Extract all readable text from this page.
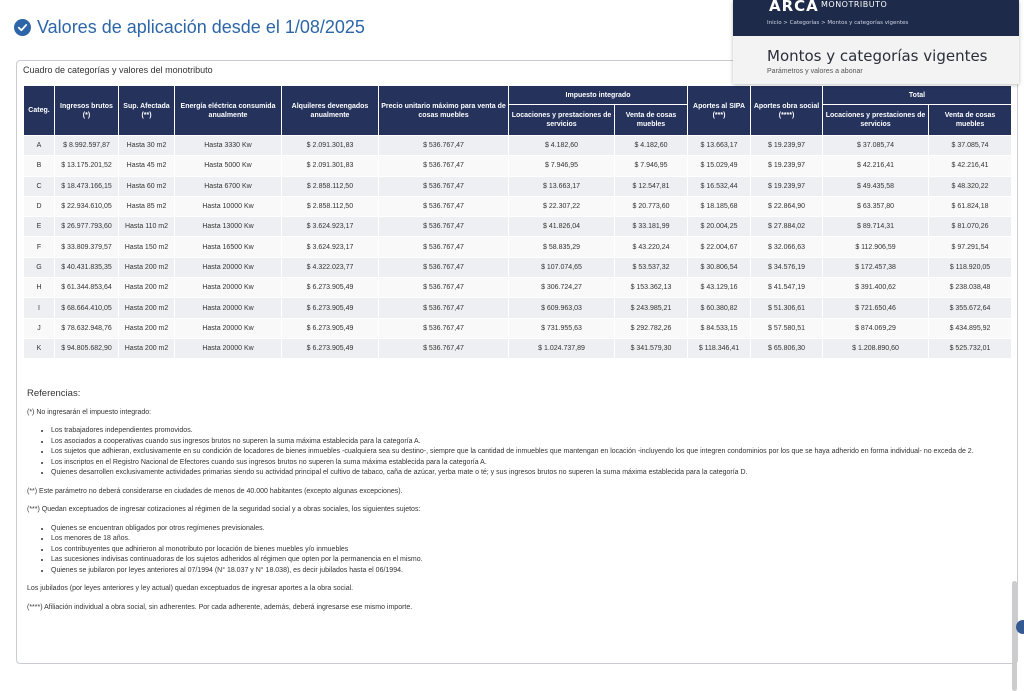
Valores de aplicación desde el 1/08/2025
Cuadro de categorías y valores del monotributo
Categ.	Ingresos brutos (*)	Sup. Afectada (**)	Energía eléctrica consumida anualmente	Alquileres devengados anualmente	Precio unitario máximo para venta de cosas muebles	Impuesto integrado		Aportes al SIPA (***)	Aportes obra social (****)	Total	
						Locaciones y prestaciones de servicios	Venta de cosas muebles			Locaciones y prestaciones de servicios	Venta de cosas muebles
A	$ 8.992.597,87	Hasta 30 m2	Hasta 3330 Kw	$ 2.091.301,83	$ 536.767,47	$ 4.182,60	$ 4.182,60	$ 13.663,17	$ 19.239,97	$ 37.085,74	$ 37.085,74
B	$ 13.175.201,52	Hasta 45 m2	Hasta 5000 Kw	$ 2.091.301,83	$ 536.767,47	$ 7.946,95	$ 7.946,95	$ 15.029,49	$ 19.239,97	$ 42.216,41	$ 42.216,41
C	$ 18.473.166,15	Hasta 60 m2	Hasta 6700 Kw	$ 2.858.112,50	$ 536.767,47	$ 13.663,17	$ 12.547,81	$ 16.532,44	$ 19.239,97	$ 49.435,58	$ 48.320,22
D	$ 22.934.610,05	Hasta 85 m2	Hasta 10000 Kw	$ 2.858.112,50	$ 536.767,47	$ 22.307,22	$ 20.773,60	$ 18.185,68	$ 22.864,90	$ 63.357,80	$ 61.824,18
E	$ 26.977.793,60	Hasta 110 m2	Hasta 13000 Kw	$ 3.624.923,17	$ 536.767,47	$ 41.826,04	$ 33.181,99	$ 20.004,25	$ 27.884,02	$ 89.714,31	$ 81.070,26
F	$ 33.809.379,57	Hasta 150 m2	Hasta 16500 Kw	$ 3.624.923,17	$ 536.767,47	$ 58.835,29	$ 43.220,24	$ 22.004,67	$ 32.066,63	$ 112.906,59	$ 97.291,54
G	$ 40.431.835,35	Hasta 200 m2	Hasta 20000 Kw	$ 4.322.023,77	$ 536.767,47	$ 107.074,65	$ 53.537,32	$ 30.806,54	$ 34.576,19	$ 172.457,38	$ 118.920,05
H	$ 61.344.853,64	Hasta 200 m2	Hasta 20000 Kw	$ 6.273.905,49	$ 536.767,47	$ 306.724,27	$ 153.362,13	$ 43.129,16	$ 41.547,19	$ 391.400,62	$ 238.038,48
I	$ 68.664.410,05	Hasta 200 m2	Hasta 20000 Kw	$ 6.273.905,49	$ 536.767,47	$ 609.963,03	$ 243.985,21	$ 60.380,82	$ 51.306,61	$ 721.650,46	$ 355.672,64
J	$ 78.632.948,76	Hasta 200 m2	Hasta 20000 Kw	$ 6.273.905,49	$ 536.767,47	$ 731.955,63	$ 292.782,26	$ 84.533,15	$ 57.580,51	$ 874.069,29	$ 434.895,92
K	$ 94.805.682,90	Hasta 200 m2	Hasta 20000 Kw	$ 6.273.905,49	$ 536.767,47	$ 1.024.737,89	$ 341.579,30	$ 118.346,41	$ 65.806,30	$ 1.208.890,60	$ 525.732,01
Referencias:

(*) No ingresarán el impuesto integrado:

• Los trabajadores independientes promovidos.
• Los asociados a cooperativas cuando sus ingresos brutos no superen la suma máxima establecida para la categoría A.
• Los sujetos que adhieran, exclusivamente en su condición de locadores de bienes inmuebles -cualquiera sea su destino-, siempre que la cantidad de inmuebles que mantengan en locación -incluyendo los que integren condominios por los que se haya adherido en forma individual- no exceda de 2.
• Los inscriptos en el Registro Nacional de Efectores cuando sus ingresos brutos no superen la suma máxima establecida para la categoría A.
• Quienes desarrollen exclusivamente actividades primarias siendo su actividad principal el cultivo de tabaco, caña de azúcar, yerba mate o té; y sus ingresos brutos no superen la suma máxima establecida para la categoría D.

(**) Este parámetro no deberá considerarse en ciudades de menos de 40.000 habitantes (excepto algunas excepciones).

(***) Quedan exceptuados de ingresar cotizaciones al régimen de la seguridad social y a obras sociales, los siguientes sujetos:

• Quienes se encuentran obligados por otros regímenes previsionales.
• Los menores de 18 años.
• Los contribuyentes que adhirieron al monotributo por locación de bienes muebles y/o inmuebles
• Las sucesiones indivisas continuadoras de los sujetos adheridos al régimen que opten por la permanencia en el mismo.
• Quienes se jubilaron por leyes anteriores al 07/1994 (N° 18.037 y N° 18.038), es decir jubilados hasta el 06/1994.

Los jubilados (por leyes anteriores y ley actual) quedan exceptuados de ingresar aportes a la obra social.

(****) Afiliación individual a obra social, sin adherentes. Por cada adherente, además, deberá ingresarse ese mismo importe.

ARCA MONOTRIBUTO
Inicio > Categorías > Montos y categorías vigentes
Montos y categorías vigentes
Parámetros y valores a abonar
